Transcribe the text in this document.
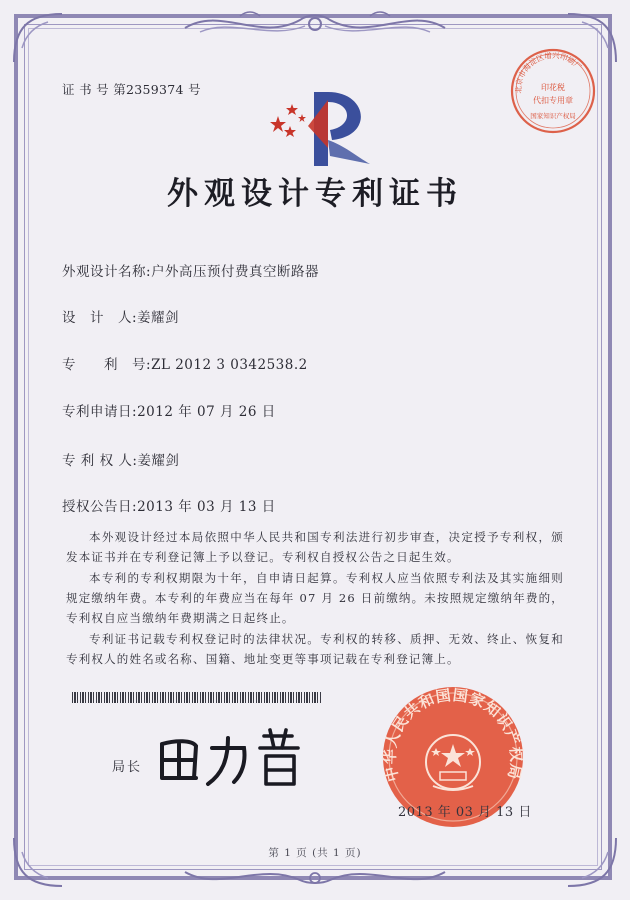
证 书 号 第2359374 号	北京市海淀区增兴印刷厂
印花税
代扣专用章
国家知识产权局
外观设计专利证书
外观设计名称:户外高压预付费真空断路器
设　计　人:姜耀剑
专　　利　号:ZL 2012 3 0342538.2
专利申请日:2012 年 07 月 26 日
专 利 权 人:姜耀剑
授权公告日:2013 年 03 月 13 日
本外观设计经过本局依照中华人民共和国专利法进行初步审查，决定授予专利权，颁发本证书并在专利登记簿上予以登记。专利权自授权公告之日起生效。
本专利的专利权期限为十年，自申请日起算。专利权人应当依照专利法及其实施细则规定缴纳年费。本专利的年费应当在每年 07 月 26 日前缴纳。未按照规定缴纳年费的，专利权自应当缴纳年费期满之日起终止。
专利证书记载专利权登记时的法律状况。专利权的转移、质押、无效、终止、恢复和专利权人的姓名或名称、国籍、地址变更等事项记载在专利登记簿上。
局长	中华人民共和国国家知识产权局
2013 年 03 月 13 日
第 1 页 (共 1 页)
